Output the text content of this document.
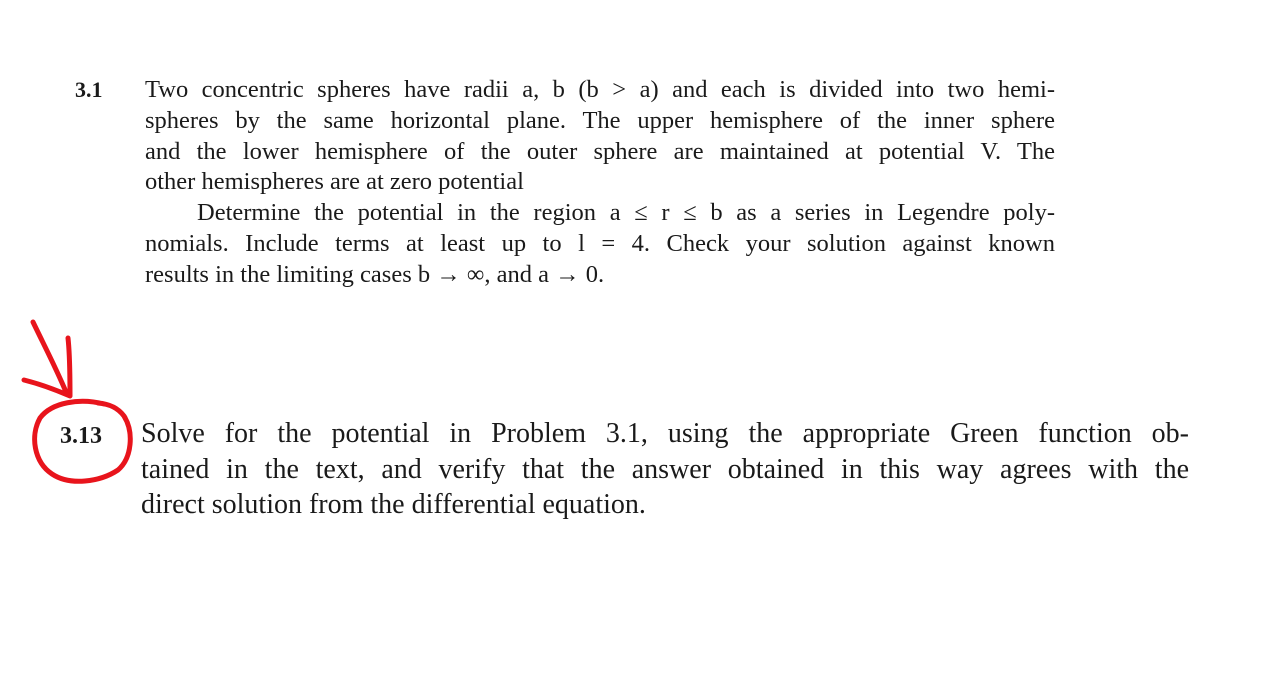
3.1 Two concentric spheres have radii a, b (b > a) and each is divided into two hemi-
spheres by the same horizontal plane. The upper hemisphere of the inner sphere
and the lower hemisphere of the outer sphere are maintained at potential V. The
other hemispheres are at zero potential
Determine the potential in the region a ≤ r ≤ b as a series in Legendre poly-
nomials. Include terms at least up to l = 4. Check your solution against known
results in the limiting cases b → ∞, and a → 0.
3.13 Solve for the potential in Problem 3.1, using the appropriate Green function ob-
tained in the text, and verify that the answer obtained in this way agrees with the
direct solution from the differential equation.
